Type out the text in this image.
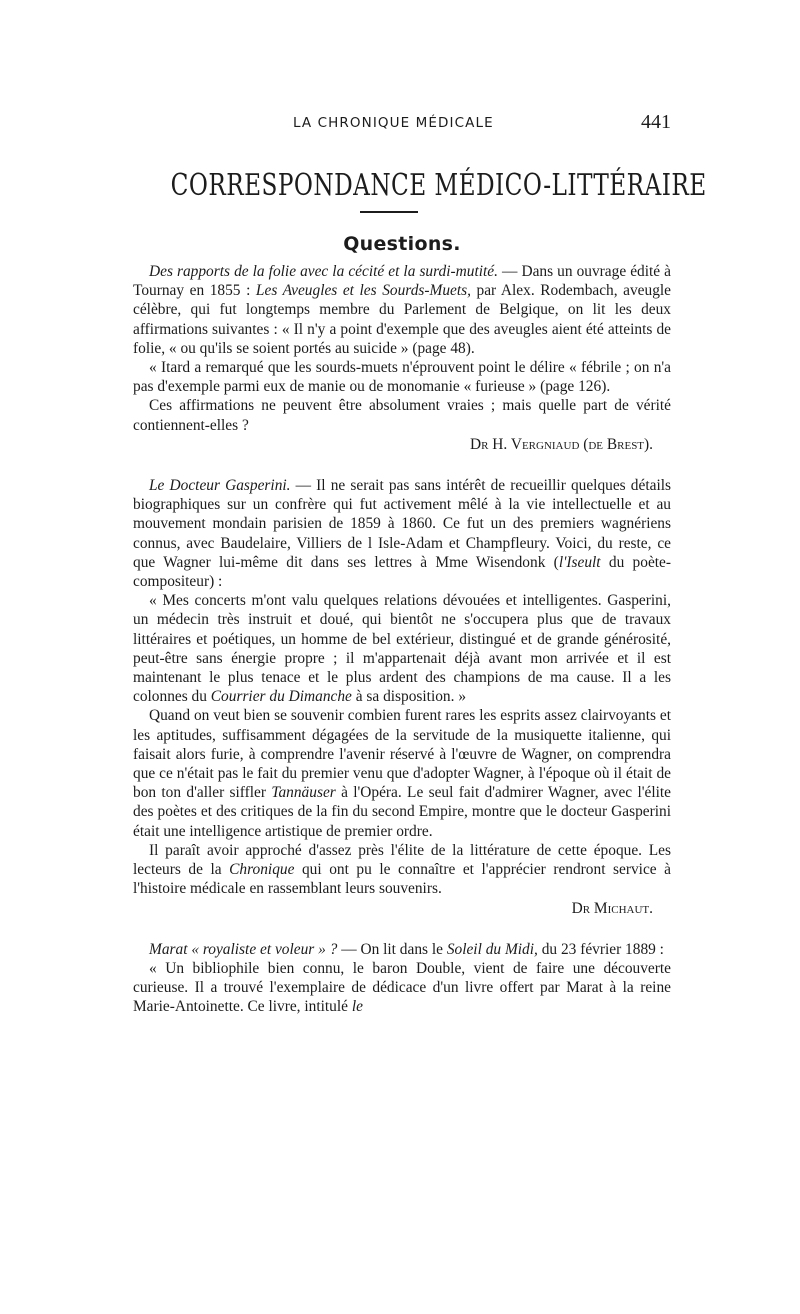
LA CHRONIQUE MÉDICALE	441
CORRESPONDANCE MÉDICO-LITTÉRAIRE
Questions.

Des rapports de la folie avec la cécité et la surdi-mutité. — Dans un ouvrage édité à Tournay en 1855 : Les Aveugles et les Sourds-Muets, par Alex. Rodembach, aveugle célèbre, qui fut longtemps membre du Parlement de Belgique, on lit les deux affirmations suivantes : « Il n'y a point d'exemple que des aveugles aient été atteints de folie, « ou qu'ils se soient portés au suicide » (page 48).

« Itard a remarqué que les sourds-muets n'éprouvent point le délire « fébrile ; on n'a pas d'exemple parmi eux de manie ou de monomanie « furieuse » (page 126).

Ces affirmations ne peuvent être absolument vraies ; mais quelle part de vérité contiennent-elles ?

Dr H. Vergniaud (de Brest).

Le Docteur Gasperini. — Il ne serait pas sans intérêt de recueillir quelques détails biographiques sur un confrère qui fut activement mêlé à la vie intellectuelle et au mouvement mondain parisien de 1859 à 1860. Ce fut un des premiers wagnériens connus, avec Baudelaire, Villiers de l Isle-Adam et Champfleury. Voici, du reste, ce que Wagner lui-même dit dans ses lettres à Mme Wisendonk (l'Iseult du poète-compositeur) :

« Mes concerts m'ont valu quelques relations dévouées et intelligentes. Gasperini, un médecin très instruit et doué, qui bientôt ne s'occupera plus que de travaux littéraires et poétiques, un homme de bel extérieur, distingué et de grande générosité, peut-être sans énergie propre ; il m'appartenait déjà avant mon arrivée et il est maintenant le plus tenace et le plus ardent des champions de ma cause. Il a les colonnes du Courrier du Dimanche à sa disposition. »

Quand on veut bien se souvenir combien furent rares les esprits assez clairvoyants et les aptitudes, suffisamment dégagées de la servitude de la musiquette italienne, qui faisait alors furie, à comprendre l'avenir réservé à l'œuvre de Wagner, on comprendra que ce n'était pas le fait du premier venu que d'adopter Wagner, à l'époque où il était de bon ton d'aller siffler Tannäuser à l'Opéra. Le seul fait d'admirer Wagner, avec l'élite des poètes et des critiques de la fin du second Empire, montre que le docteur Gasperini était une intelligence artistique de premier ordre.

Il paraît avoir approché d'assez près l'élite de la littérature de cette époque. Les lecteurs de la Chronique qui ont pu le connaître et l'apprécier rendront service à l'histoire médicale en rassemblant leurs souvenirs.

Dr Michaut.

Marat « royaliste et voleur » ? — On lit dans le Soleil du Midi, du 23 février 1889 :

« Un bibliophile bien connu, le baron Double, vient de faire une découverte curieuse. Il a trouvé l'exemplaire de dédicace d'un livre offert par Marat à la reine Marie-Antoinette. Ce livre, intitulé le
